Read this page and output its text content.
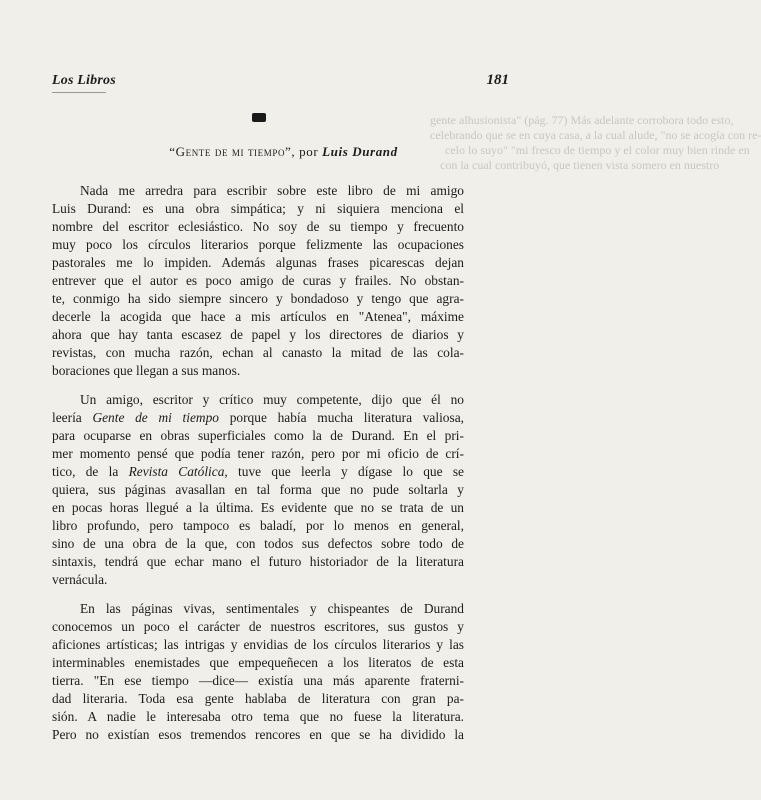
Los Libros	181
gente alhusionista" (pág. 77) Más adelante corrobora todo esto,
celebrando que se en cuya casa, a la cual alude, "no se acogía con re-
celo lo suyo" "mi fresco de tiempo y el color muy bien rinde en
con la cual contribuyó, que tienen vista somero en nuestro
“Gente de mi tiempo”, por Luis Durand

Nada me arredra para escribir sobre este libro de mi amigo
Luis Durand: es una obra simpática; y ni siquiera menciona el
nombre del escritor eclesiástico. No soy de su tiempo y frecuento
muy poco los círculos literarios porque felizmente las ocupaciones
pastorales me lo impiden. Además algunas frases picarescas dejan
entrever que el autor es poco amigo de curas y frailes. No obstan-
te, conmigo ha sido siempre sincero y bondadoso y tengo que agra-
decerle la acogida que hace a mis artículos en "Atenea", máxime
ahora que hay tanta escasez de papel y los directores de diarios y
revistas, con mucha razón, echan al canasto la mitad de las cola-
boraciones que llegan a sus manos.

Un amigo, escritor y crítico muy competente, dijo que él no
leería Gente de mi tiempo porque había mucha literatura valiosa,
para ocuparse en obras superficiales como la de Durand. En el pri-
mer momento pensé que podía tener razón, pero por mi oficio de crí-
tico, de la Revista Católica, tuve que leerla y dígase lo que se
quiera, sus páginas avasallan en tal forma que no pude soltarla y
en pocas horas llegué a la última. Es evidente que no se trata de un
libro profundo, pero tampoco es baladí, por lo menos en general,
sino de una obra de la que, con todos sus defectos sobre todo de
sintaxis, tendrá que echar mano el futuro historiador de la literatura
vernácula.

En las páginas vivas, sentimentales y chispeantes de Durand
conocemos un poco el carácter de nuestros escritores, sus gustos y
aficiones artísticas; las intrigas y envidias de los círculos literarios y las
interminables enemistades que empequeñecen a los literatos de esta
tierra. "En ese tiempo —dice— existía una más aparente fraterni-
dad literaria. Toda esa gente hablaba de literatura con gran pa-
sión. A nadie le interesaba otro tema que no fuese la literatura.
Pero no existían esos tremendos rencores en que se ha dividido la
